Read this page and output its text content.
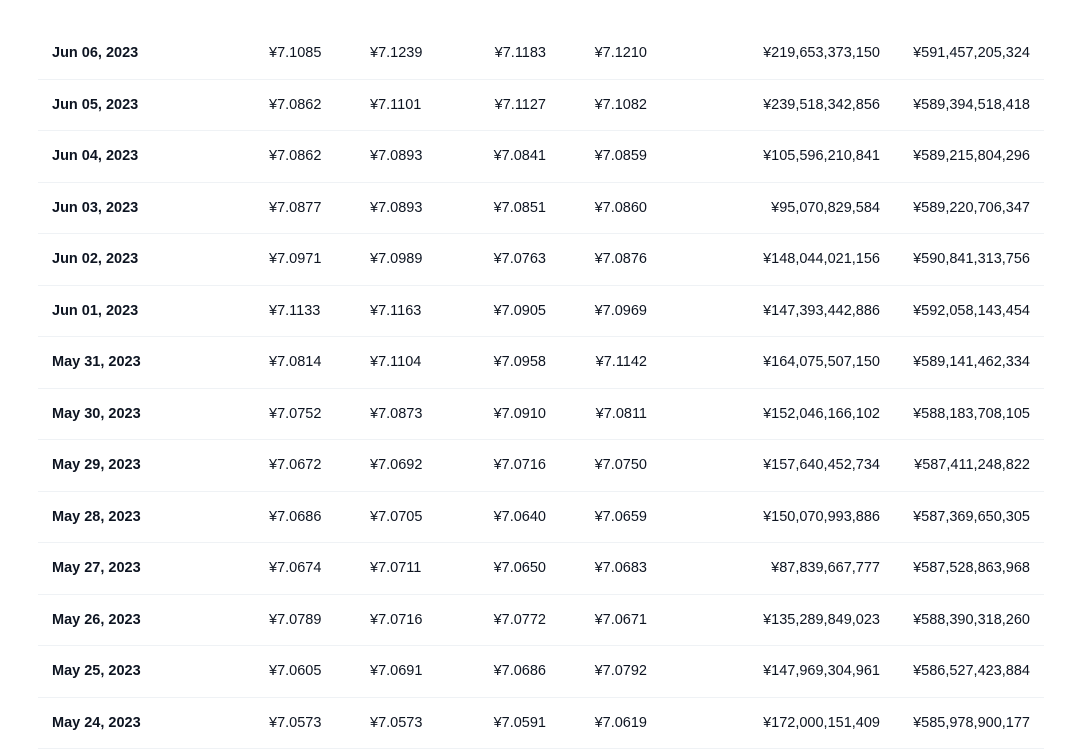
Jun 06, 2023	¥7.1085	¥7.1239	¥7.1183	¥7.1210	¥219,653,373,150 ¥591,457,205,324
Jun 05, 2023	¥7.0862	¥7.1101	¥7.1127	¥7.1082	¥239,518,342,856 ¥589,394,518,418
Jun 04, 2023	¥7.0862	¥7.0893	¥7.0841	¥7.0859	¥105,596,210,841 ¥589,215,804,296
Jun 03, 2023	¥7.0877	¥7.0893	¥7.0851	¥7.0860	¥95,070,829,584 ¥589,220,706,347
Jun 02, 2023	¥7.0971	¥7.0989	¥7.0763	¥7.0876	¥148,044,021,156 ¥590,841,313,756
Jun 01, 2023	¥7.1133	¥7.1163	¥7.0905	¥7.0969	¥147,393,442,886 ¥592,058,143,454
May 31, 2023	¥7.0814	¥7.1104	¥7.0958	¥7.1142	¥164,075,507,150 ¥589,141,462,334
May 30, 2023	¥7.0752	¥7.0873	¥7.0910	¥7.0811	¥152,046,166,102 ¥588,183,708,105
May 29, 2023	¥7.0672	¥7.0692	¥7.0716	¥7.0750	¥157,640,452,734 ¥587,411,248,822
May 28, 2023	¥7.0686	¥7.0705	¥7.0640	¥7.0659	¥150,070,993,886 ¥587,369,650,305
May 27, 2023	¥7.0674	¥7.0711	¥7.0650	¥7.0683	¥87,839,667,777 ¥587,528,863,968
May 26, 2023	¥7.0789	¥7.0716	¥7.0772	¥7.0671	¥135,289,849,023 ¥588,390,318,260
May 25, 2023	¥7.0605	¥7.0691	¥7.0686	¥7.0792	¥147,969,304,961 ¥586,527,423,884
May 24, 2023	¥7.0573	¥7.0573	¥7.0591	¥7.0619	¥172,000,151,409 ¥585,978,900,177
